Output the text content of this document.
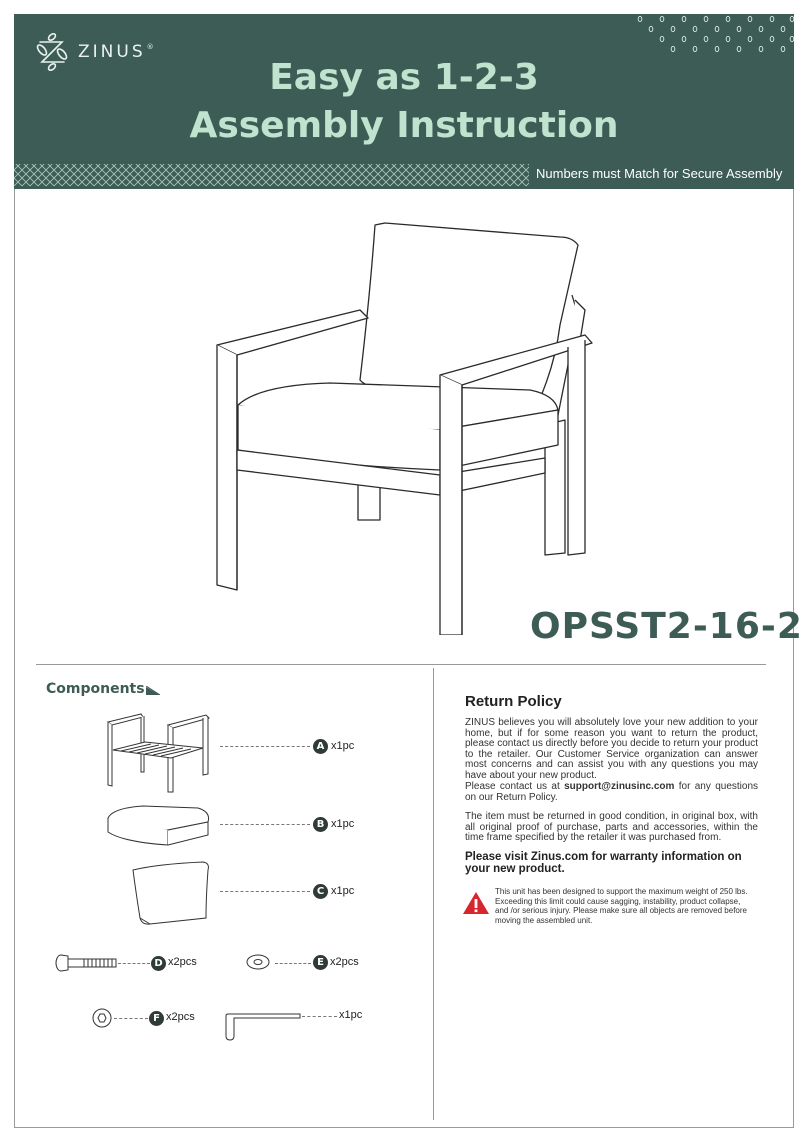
ZINUS ®
Easy as 1-2-3
Assembly Instruction
Numbers must Match for Secure Assembly
OPSST2-16-2
Components
A x1pc
B x1pc
C x1pc
D x2pcs	E x2pcs
F x2pcs	x1pc
Return Policy

ZINUS believes you will absolutely love your new addition to your home, but if for some reason you want to return the product, please contact us directly before you decide to return your product to the retailer. Our Customer Service organization can answer most concerns and can assist you with any questions you may have about your new product.

Please contact us at support@zinusinc.com for any questions on our Return Policy.

The item must be returned in good condition, in original box, with all original proof of purchase, parts and accessories, within the time frame specified by the retailer it was purchased from.

Please visit Zinus.com for warranty information on your new product.

This unit has been designed to support the maximum weight of 250 lbs. Exceeding this limit could cause sagging, instability, product collapse, and /or serious injury. Please make sure all objects are removed before moving the assembled unit.
